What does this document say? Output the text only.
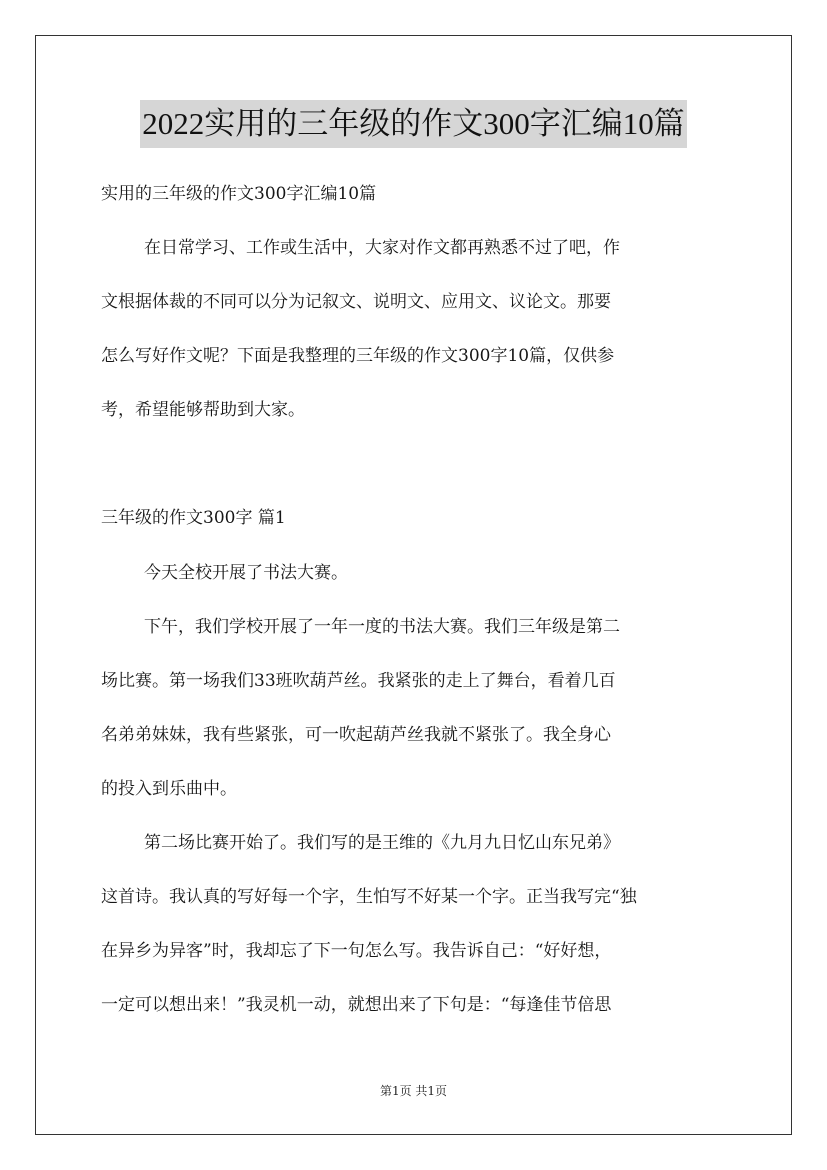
2022实用的三年级的作文300字汇编10篇
实用的三年级的作文300字汇编10篇
在日常学习、工作或生活中，大家对作文都再熟悉不过了吧，作
文根据体裁的不同可以分为记叙文、说明文、应用文、议论文。那要
怎么写好作文呢？下面是我整理的三年级的作文300字10篇，仅供参
考，希望能够帮助到大家。
三年级的作文300字 篇1
今天全校开展了书法大赛。
下午，我们学校开展了一年一度的书法大赛。我们三年级是第二
场比赛。第一场我们33班吹葫芦丝。我紧张的走上了舞台，看着几百
名弟弟妹妹，我有些紧张，可一吹起葫芦丝我就不紧张了。我全身心
的投入到乐曲中。
第二场比赛开始了。我们写的是王维的《九月九日忆山东兄弟》
这首诗。我认真的写好每一个字，生怕写不好某一个字。正当我写完“独
在异乡为异客”时，我却忘了下一句怎么写。我告诉自己：“好好想，
一定可以想出来！”我灵机一动，就想出来了下句是：“每逢佳节倍思
第1页 共1页
